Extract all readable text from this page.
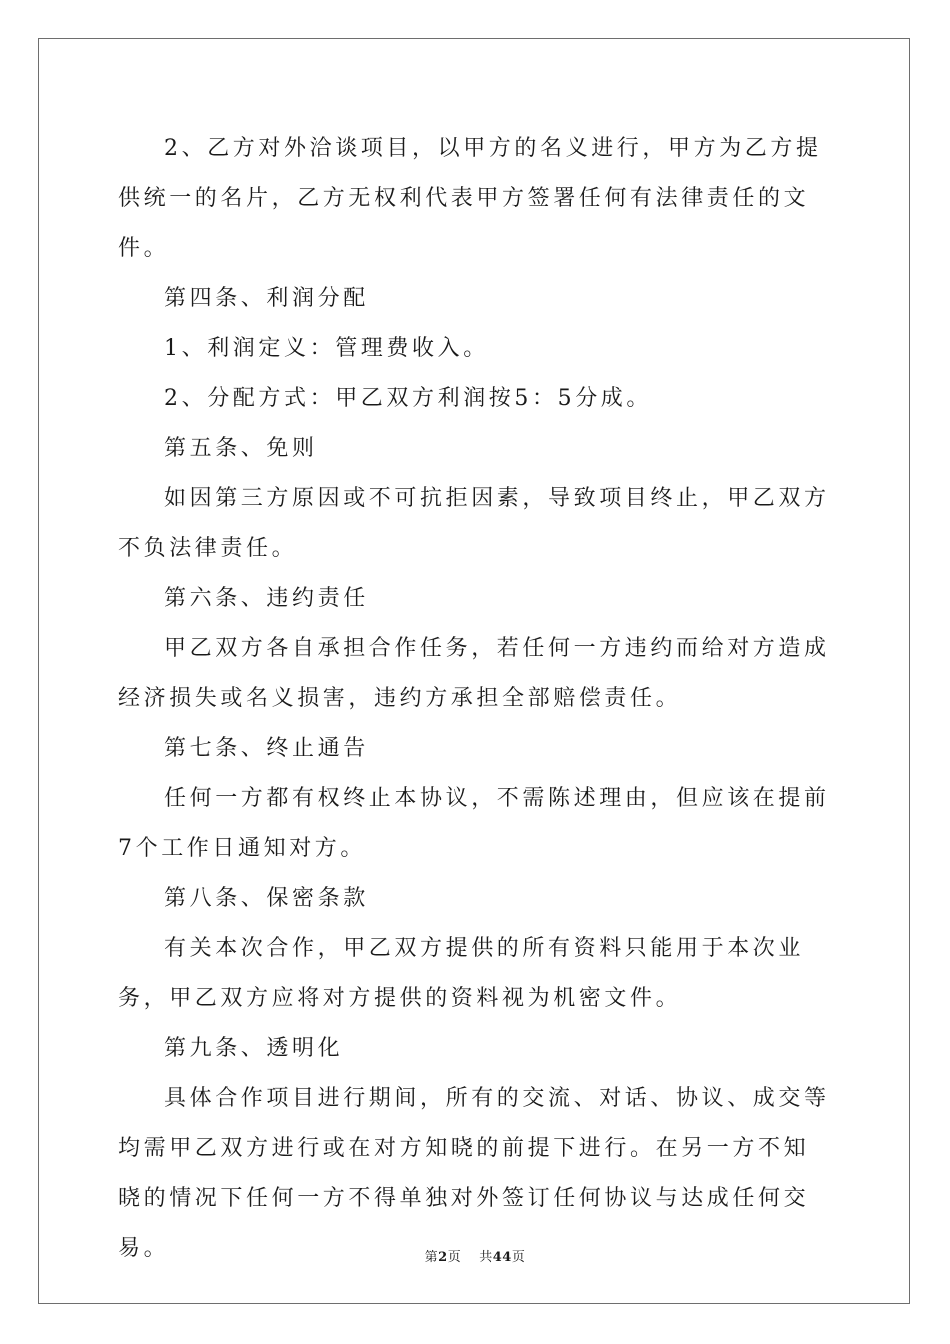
2、乙方对外洽谈项目，以甲方的名义进行，甲方为乙方提供统一的名片，乙方无权利代表甲方签署任何有法律责任的文件。

第四条、利润分配

1、利润定义：管理费收入。

2、分配方式：甲乙双方利润按5：5分成。

第五条、免则

如因第三方原因或不可抗拒因素，导致项目终止，甲乙双方不负法律责任。

第六条、违约责任

甲乙双方各自承担合作任务，若任何一方违约而给对方造成经济损失或名义损害，违约方承担全部赔偿责任。

第七条、终止通告

任何一方都有权终止本协议，不需陈述理由，但应该在提前7个工作日通知对方。

第八条、保密条款

有关本次合作，甲乙双方提供的所有资料只能用于本次业务，甲乙双方应将对方提供的资料视为机密文件。

第九条、透明化

具体合作项目进行期间，所有的交流、对话、协议、成交等均需甲乙双方进行或在对方知晓的前提下进行。在另一方不知晓的情况下任何一方不得单独对外签订任何协议与达成任何交易。	第2页 共44页
